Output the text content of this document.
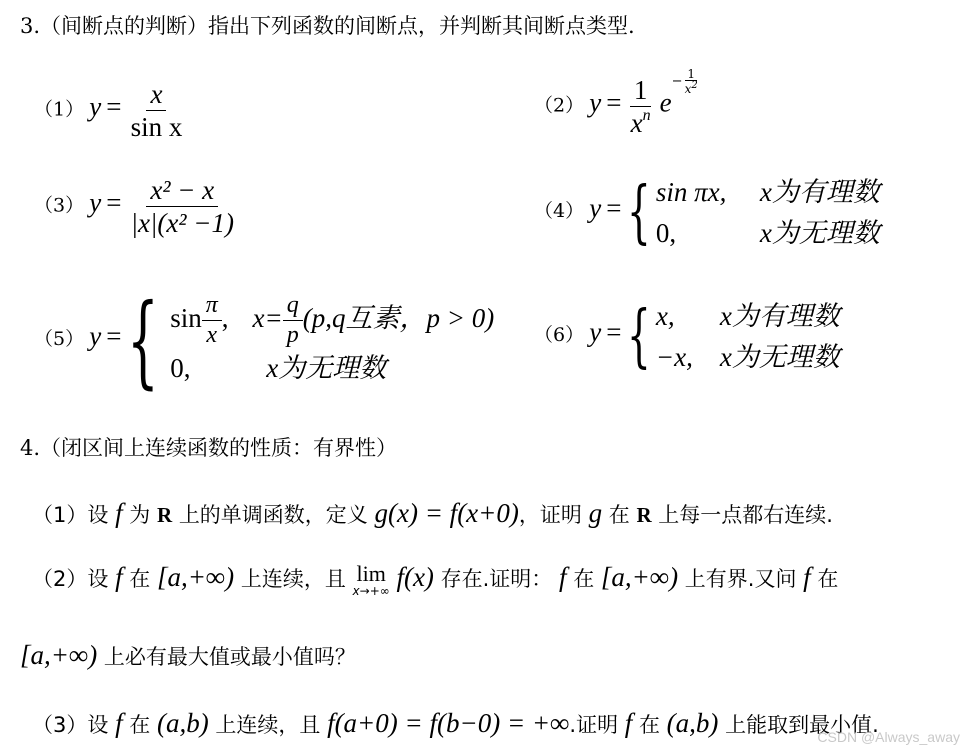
3.（间断点的判断）指出下列函数的间断点，并判断其间断点类型.
（1） $y = \frac{x}{\text{sin x}}$	（2） $y = \frac{1}{x^n} e^{- \frac{1}{x^2}}$
（3） $y = \frac{\text{x² − x}}{\text{|x|(x² −1)}}$	（4） y = { sin πx, x为有理数
0,	x为无理数
（5） y = { $\sin \frac{\pi}{x}$ , $x= \frac{q}{p} (p,q$互素，p > 0)
0,	x为无理数
（6） y = { x, x为有理数
−x, x为无理数
4.（闭区间上连续函数的性质：有界性）
（1）设 f 为 R 上的单调函数，定义 g(x) = f(x+0)，证明 g 在 R 上每一点都右连续.
（2）设 f 在 [a,+∞) 上连续，且 lim
x→+∞ f(x) 存在.证明： f 在 [a,+∞) 上有界.又问 f 在
[a,+∞) 上必有最大值或最小值吗？
（3）设 f 在 (a,b) 上连续，且 f(a+0) = f(b−0) = +∞.证明 f 在 (a,b) 上能取到最小值.
CSDN @Always_away
